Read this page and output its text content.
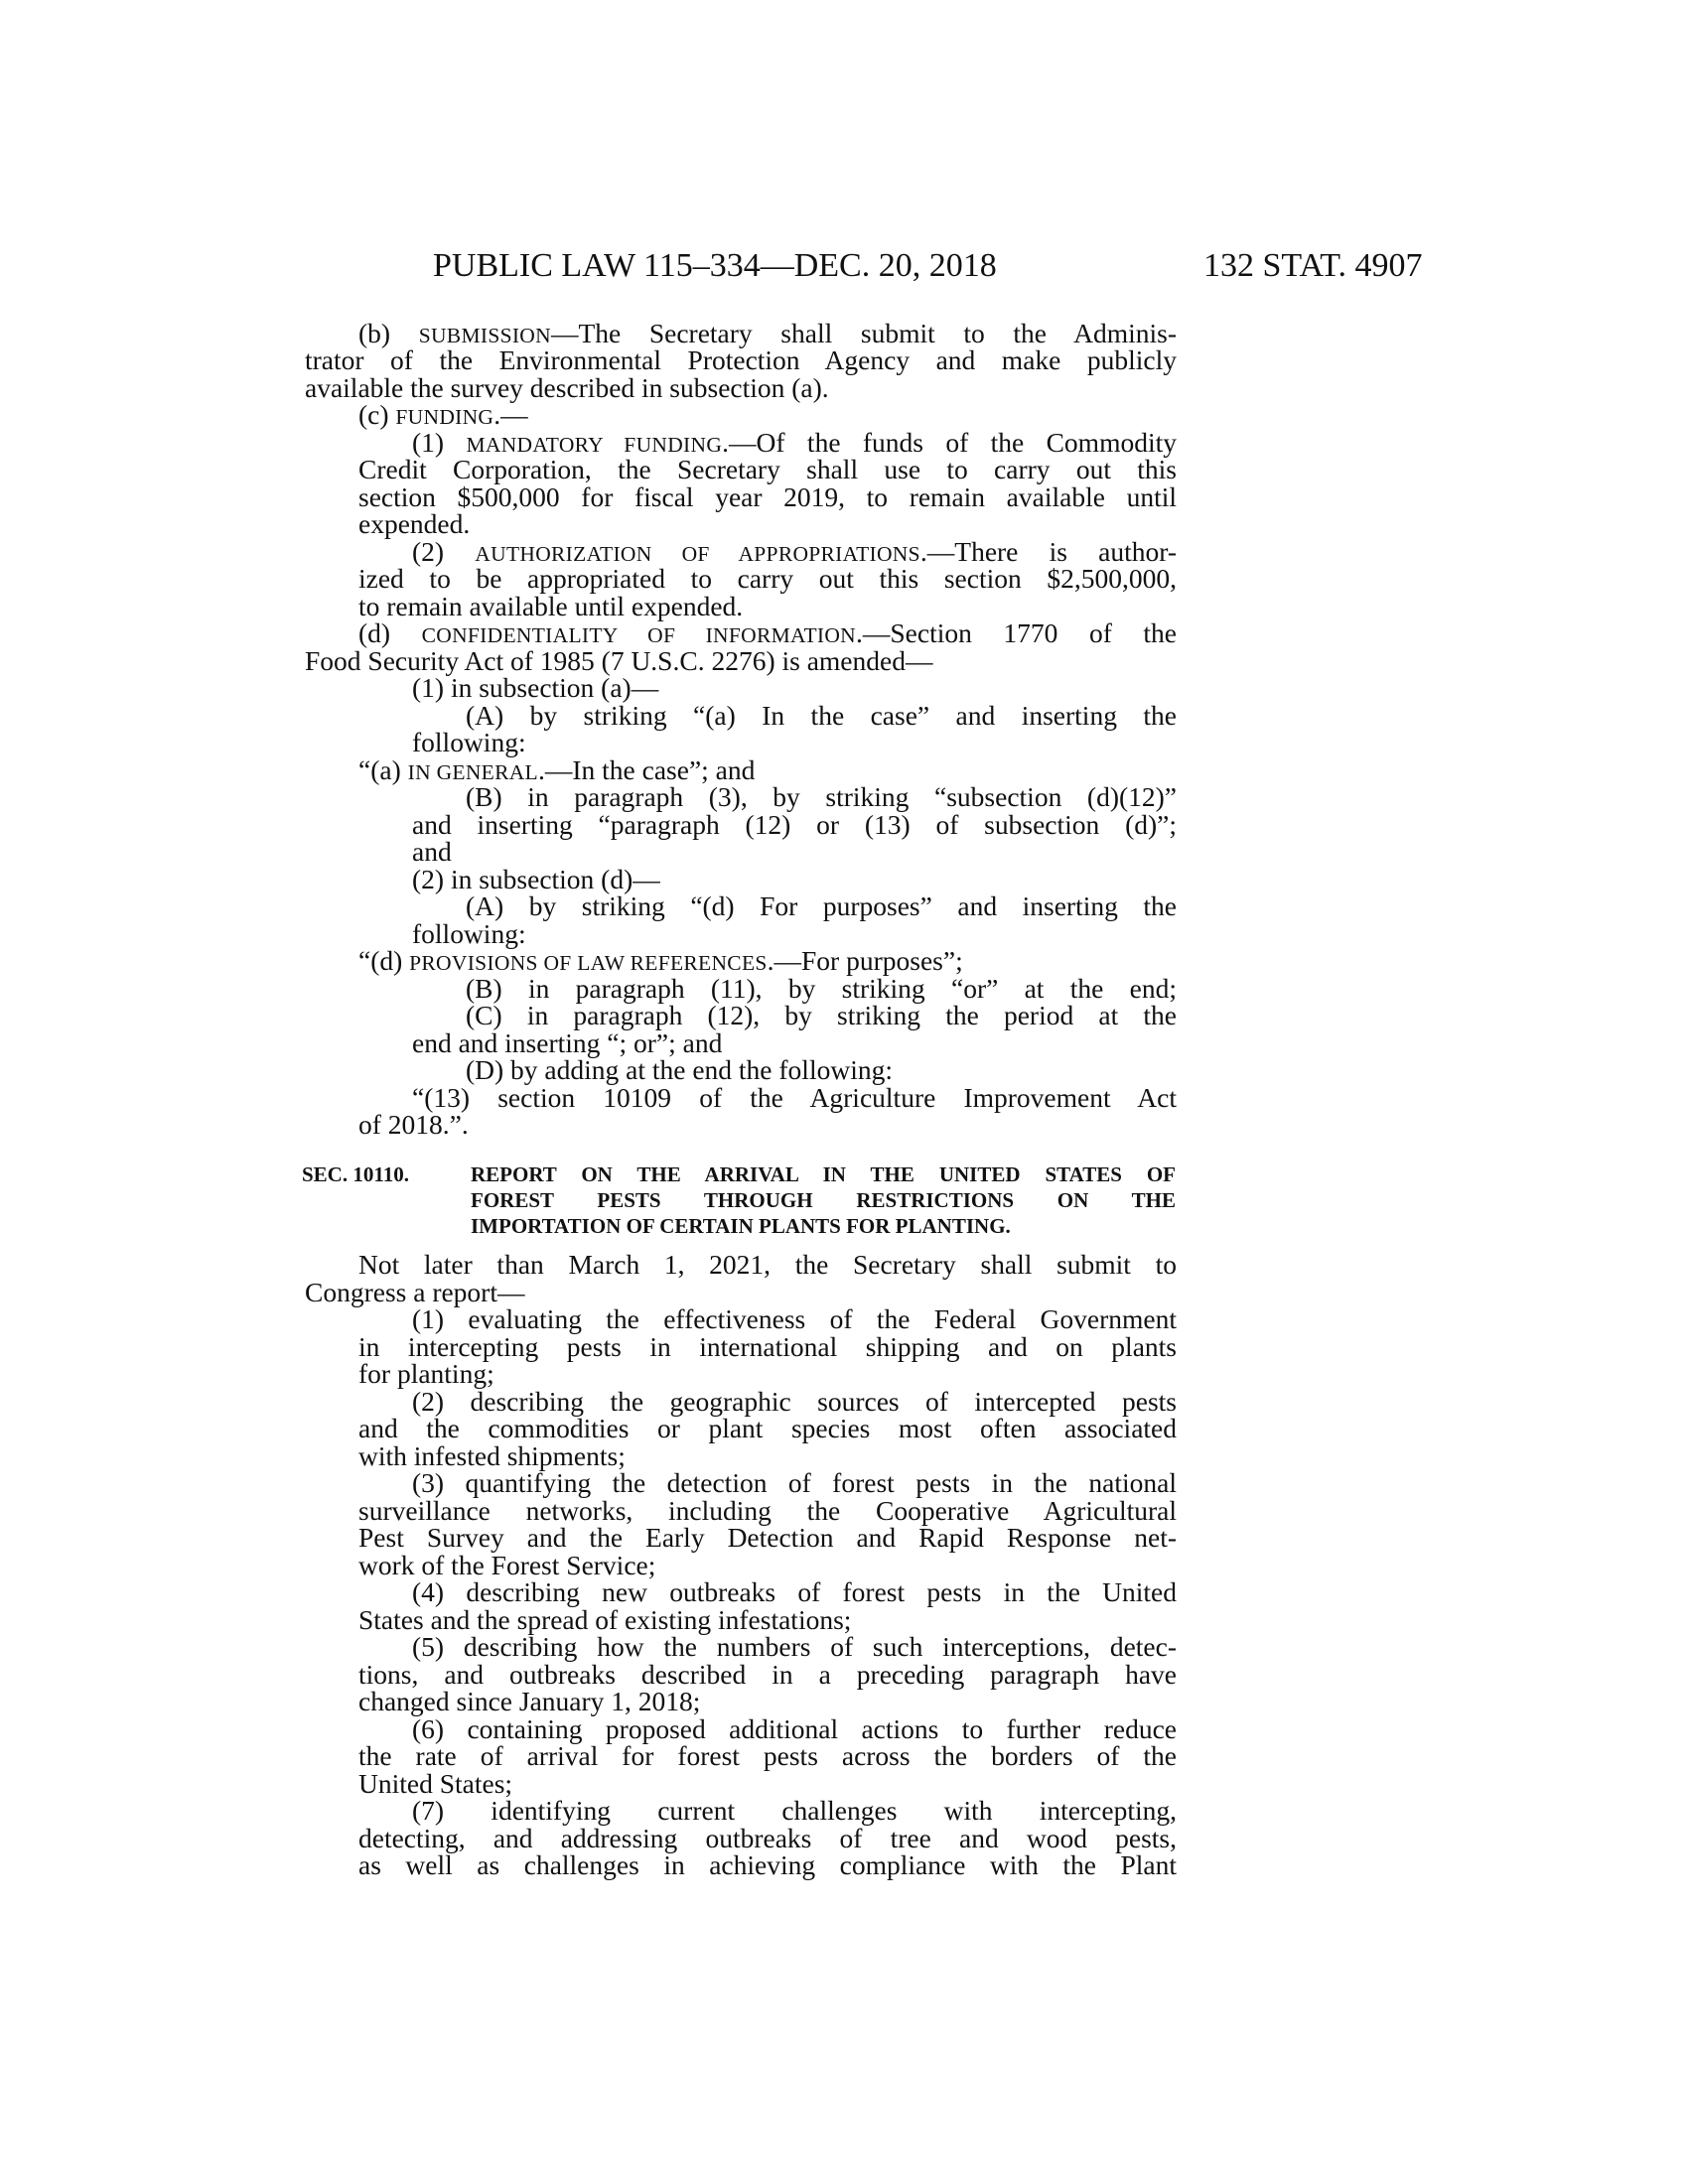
PUBLIC LAW 115–334—DEC. 20, 2018	132 STAT. 4907
(b) SUBMISSION—The Secretary shall submit to the Adminis-
trator of the Environmental Protection Agency and make publicly
available the survey described in subsection (a).
(c) FUNDING.—
(1) MANDATORY FUNDING.—Of the funds of the Commodity
Credit Corporation, the Secretary shall use to carry out this
section $500,000 for fiscal year 2019, to remain available until
expended.
(2) AUTHORIZATION OF APPROPRIATIONS.—There is author-
ized to be appropriated to carry out this section $2,500,000,
to remain available until expended.
(d) CONFIDENTIALITY OF INFORMATION.—Section 1770 of the
Food Security Act of 1985 (7 U.S.C. 2276) is amended—
(1) in subsection (a)—
(A) by striking “(a) In the case” and inserting the
following:
“(a) IN GENERAL.—In the case”; and
(B) in paragraph (3), by striking “subsection (d)(12)”
and inserting “paragraph (12) or (13) of subsection (d)”;
and
(2) in subsection (d)—
(A) by striking “(d) For purposes” and inserting the
following:
“(d) PROVISIONS OF LAW REFERENCES.—For purposes”;
(B) in paragraph (11), by striking “or” at the end;
(C) in paragraph (12), by striking the period at the
end and inserting “; or”; and
(D) by adding at the end the following:
“(13) section 10109 of the Agriculture Improvement Act
of 2018.”.
SEC. 10110.	REPORT ON THE ARRIVAL IN THE UNITED STATES OF
FOREST PESTS THROUGH RESTRICTIONS ON THE
IMPORTATION OF CERTAIN PLANTS FOR PLANTING.
Not later than March 1, 2021, the Secretary shall submit to
Congress a report—
(1) evaluating the effectiveness of the Federal Government
in intercepting pests in international shipping and on plants
for planting;
(2) describing the geographic sources of intercepted pests
and the commodities or plant species most often associated
with infested shipments;
(3) quantifying the detection of forest pests in the national
surveillance networks, including the Cooperative Agricultural
Pest Survey and the Early Detection and Rapid Response net-
work of the Forest Service;
(4) describing new outbreaks of forest pests in the United
States and the spread of existing infestations;
(5) describing how the numbers of such interceptions, detec-
tions, and outbreaks described in a preceding paragraph have
changed since January 1, 2018;
(6) containing proposed additional actions to further reduce
the rate of arrival for forest pests across the borders of the
United States;
(7) identifying current challenges with intercepting,
detecting, and addressing outbreaks of tree and wood pests,
as well as challenges in achieving compliance with the Plant
